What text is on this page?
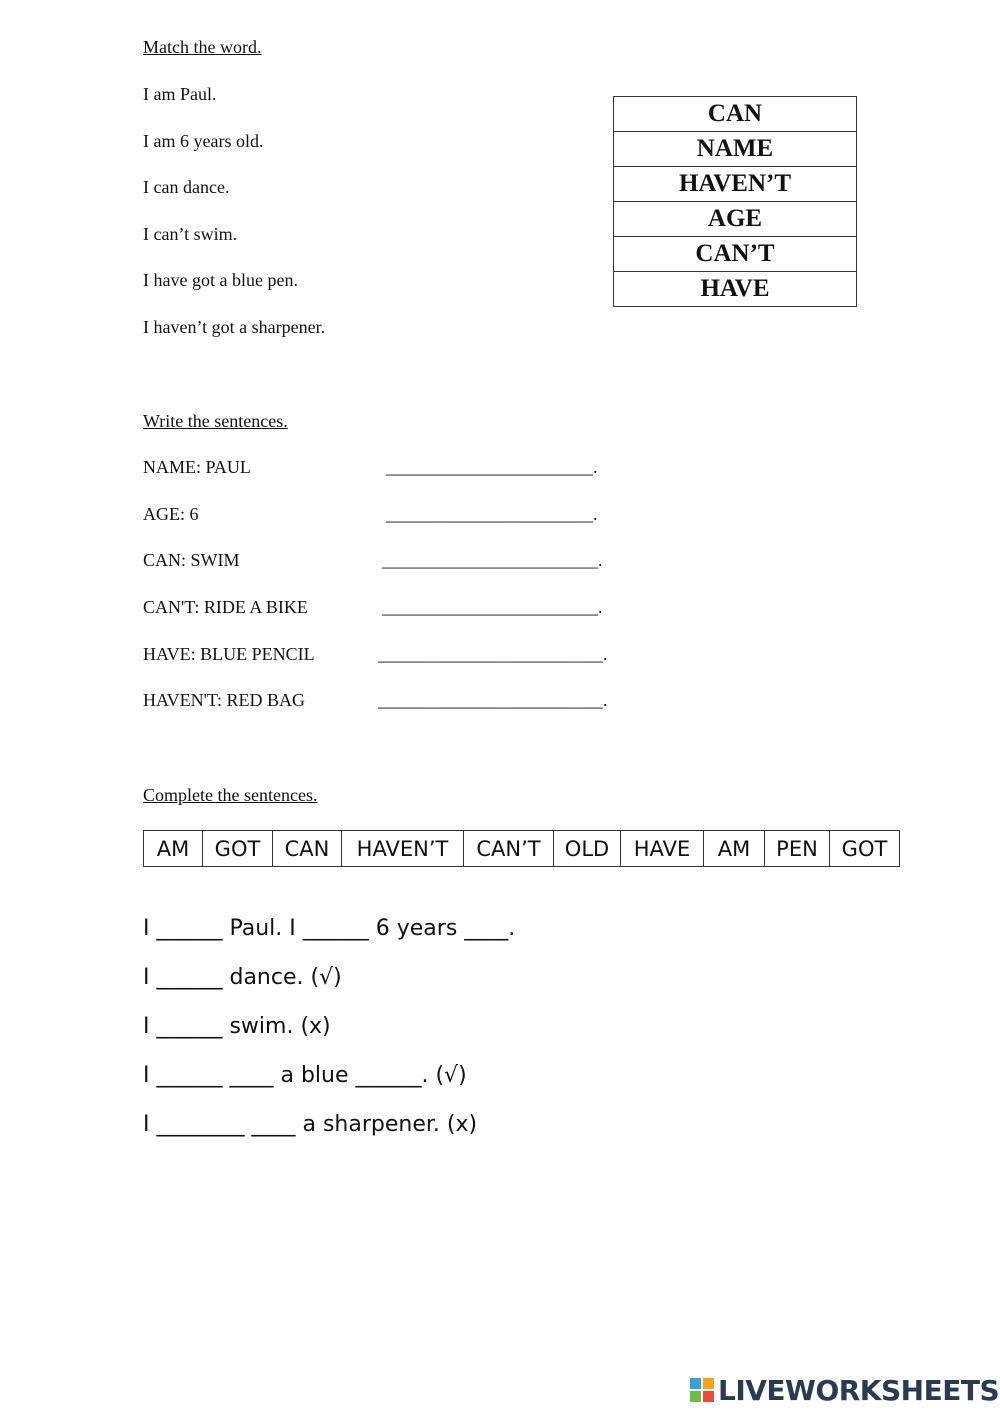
Match the word.
I am Paul.
I am 6 years old.
I can dance.
I can’t swim.
I have got a blue pen.
I haven’t got a sharpener.
CAN
NAME
HAVEN’T
AGE
CAN’T
HAVE
Write the sentences.
NAME: PAUL	_______________________.
AGE: 6	_______________________.
CAN: SWIM	________________________.
CAN'T: RIDE A BIKE	________________________.
HAVE: BLUE PENCIL	_________________________.
HAVEN'T: RED BAG	_________________________.
Complete the sentences.
AM	GOT	CAN	HAVEN’T	CAN’T	OLD	HAVE	AM	PEN	GOT
I ______ Paul. I ______ 6 years ____.
I ______ dance. (√)
I ______ swim. (x)
I ______ ____ a blue ______. (√)
I ________ ____ a sharpener. (x)
LIVEWORKSHEETS
